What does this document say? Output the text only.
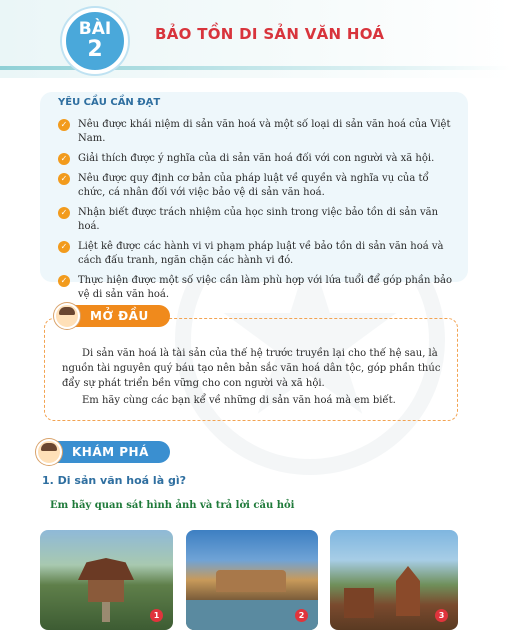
BÀI
2
BẢO TỒN DI SẢN VĂN HOÁ
YÊU CẦU CẦN ĐẠT
✓ Nêu được khái niệm di sản văn hoá và một số loại di sản văn hoá của Việt Nam.
✓ Giải thích được ý nghĩa của di sản văn hoá đối với con người và xã hội.
✓ Nêu được quy định cơ bản của pháp luật về quyền và nghĩa vụ của tổ chức, cá nhân đối với việc bảo vệ di sản văn hoá.
✓ Nhận biết được trách nhiệm của học sinh trong việc bảo tồn di sản văn hoá.
✓ Liệt kê được các hành vi vi phạm pháp luật về bảo tồn di sản văn hoá và cách đấu tranh, ngăn chặn các hành vi đó.
✓ Thực hiện được một số việc cần làm phù hợp với lứa tuổi để góp phần bảo vệ di sản văn hoá.
MỞ ĐẦU

Di sản văn hoá là tài sản của thế hệ trước truyền lại cho thế hệ sau, là nguồn tài nguyên quý báu tạo nên bản sắc văn hoá dân tộc, góp phần thúc đẩy sự phát triển bền vững cho con người và xã hội.

Em hãy cùng các bạn kể về những di sản văn hoá mà em biết.

KHÁM PHÁ
1. Di sản văn hoá là gì?
Em hãy quan sát hình ảnh và trả lời câu hỏi
1	2	3
